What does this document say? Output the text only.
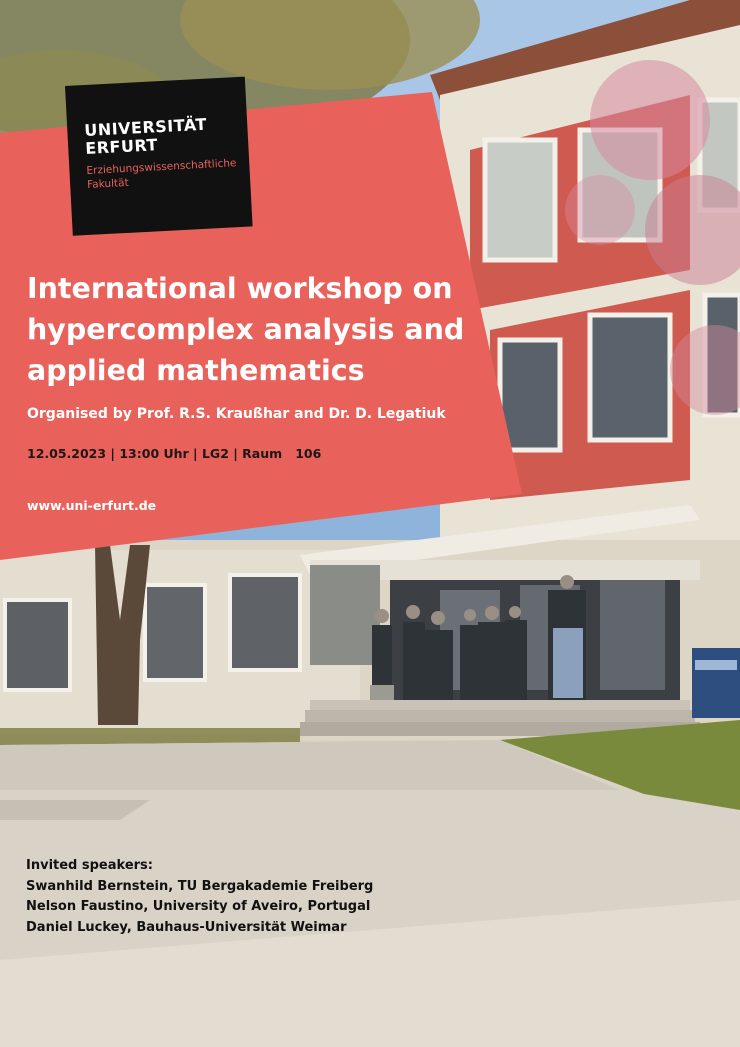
UNIVERSITÄT
ERFURT
Erziehungswissenschaftliche
Fakultät
International workshop on
hypercomplex analysis and
applied mathematics
Organised by Prof. R.S. Kraußhar and Dr. D. Legatiuk
12.05.2023 | 13:00 Uhr | LG2 | Raum   106
www.uni-erfurt.de
Invited speakers:
Swanhild Bernstein, TU Bergakademie Freiberg
Nelson Faustino, University of Aveiro, Portugal
Daniel Luckey, Bauhaus-Universität Weimar
